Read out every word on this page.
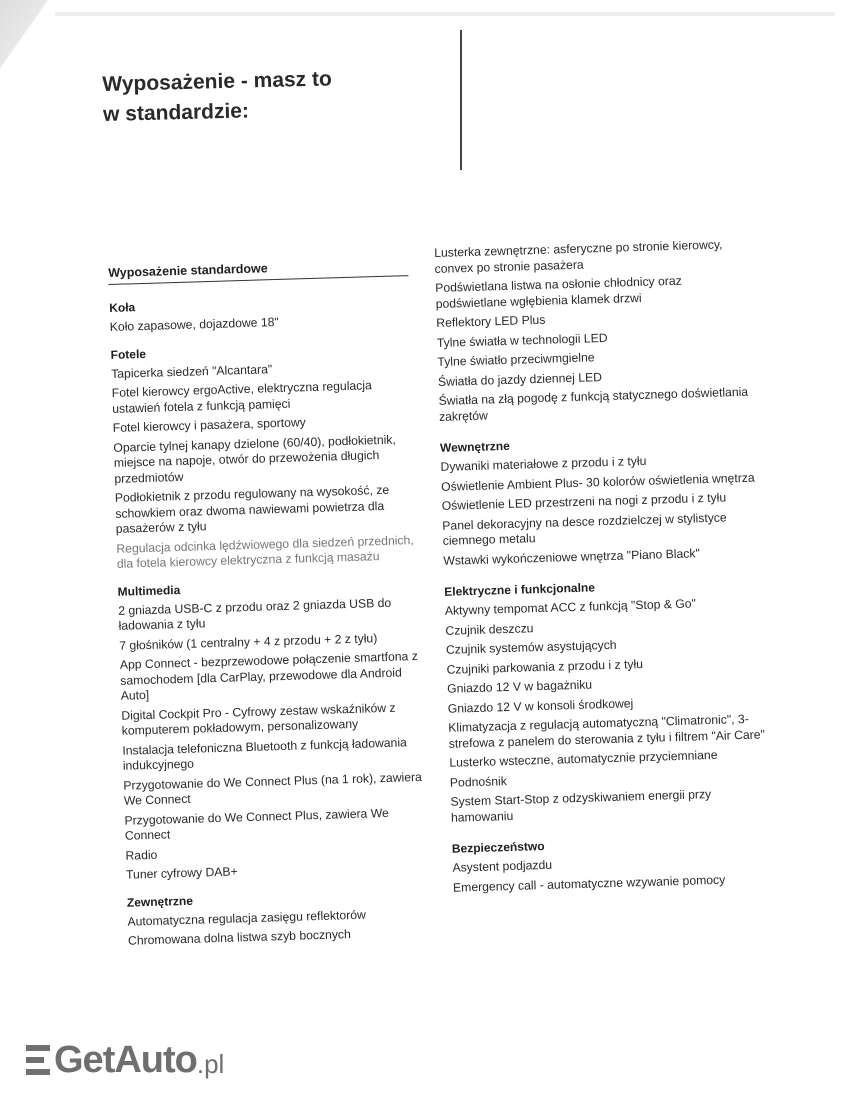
Wyposażenie - masz to
w standardzie:
Wyposażenie standardowe
Koła
Koło zapasowe, dojazdowe 18"
Fotele
Tapicerka siedzeń "Alcantara"
Fotel kierowcy ergoActive, elektryczna regulacja ustawień fotela z funkcją pamięci
Fotel kierowcy i pasażera, sportowy
Oparcie tylnej kanapy dzielone (60/40), podłokietnik, miejsce na napoje, otwór do przewożenia długich przedmiotów
Podłokietnik z przodu regulowany na wysokość, ze schowkiem oraz dwoma nawiewami powietrza dla pasażerów z tyłu
Regulacja odcinka lędźwiowego dla siedzeń przednich, dla fotela kierowcy elektryczna z funkcją masażu
Multimedia
2 gniazda USB-C z przodu oraz 2 gniazda USB do ładowania z tyłu
7 głośników (1 centralny + 4 z przodu + 2 z tyłu)
App Connect - bezprzewodowe połączenie smartfona z samochodem [dla CarPlay, przewodowe dla Android Auto]
Digital Cockpit Pro - Cyfrowy zestaw wskaźników z komputerem pokładowym, personalizowany
Instalacja telefoniczna Bluetooth z funkcją ładowania indukcyjnego
Przygotowanie do We Connect Plus (na 1 rok), zawiera We Connect
Przygotowanie do We Connect Plus, zawiera We Connect
Radio
Tuner cyfrowy DAB+
Zewnętrzne
Automatyczna regulacja zasięgu reflektorów
Chromowana dolna listwa szyb bocznych
Lusterka zewnętrzne: asferyczne po stronie kierowcy, convex po stronie pasażera
Podświetlana listwa na osłonie chłodnicy oraz podświetlane wgłębienia klamek drzwi
Reflektory LED Plus
Tylne światła w technologii LED
Tylne światło przeciwmgielne
Światła do jazdy dziennej LED
Światła na złą pogodę z funkcją statycznego doświetlania zakrętów
Wewnętrzne
Dywaniki materiałowe z przodu i z tyłu
Oświetlenie Ambient Plus- 30 kolorów oświetlenia wnętrza
Oświetlenie LED przestrzeni na nogi z przodu i z tyłu
Panel dekoracyjny na desce rozdzielczej w stylistyce ciemnego metalu
Wstawki wykończeniowe wnętrza "Piano Black"
Elektryczne i funkcjonalne
Aktywny tempomat ACC z funkcją "Stop & Go"
Czujnik deszczu
Czujnik systemów asystujących
Czujniki parkowania z przodu i z tyłu
Gniazdo 12 V w bagażniku
Gniazdo 12 V w konsoli środkowej
Klimatyzacja z regulacją automatyczną "Climatronic", 3-strefowa z panelem do sterowania z tyłu i filtrem "Air Care"
Lusterko wsteczne, automatycznie przyciemniane
Podnośnik
System Start-Stop z odzyskiwaniem energii przy hamowaniu
Bezpieczeństwo
Asystent podjazdu
Emergency call - automatyczne wzywanie pomocy
GetAuto .pl
